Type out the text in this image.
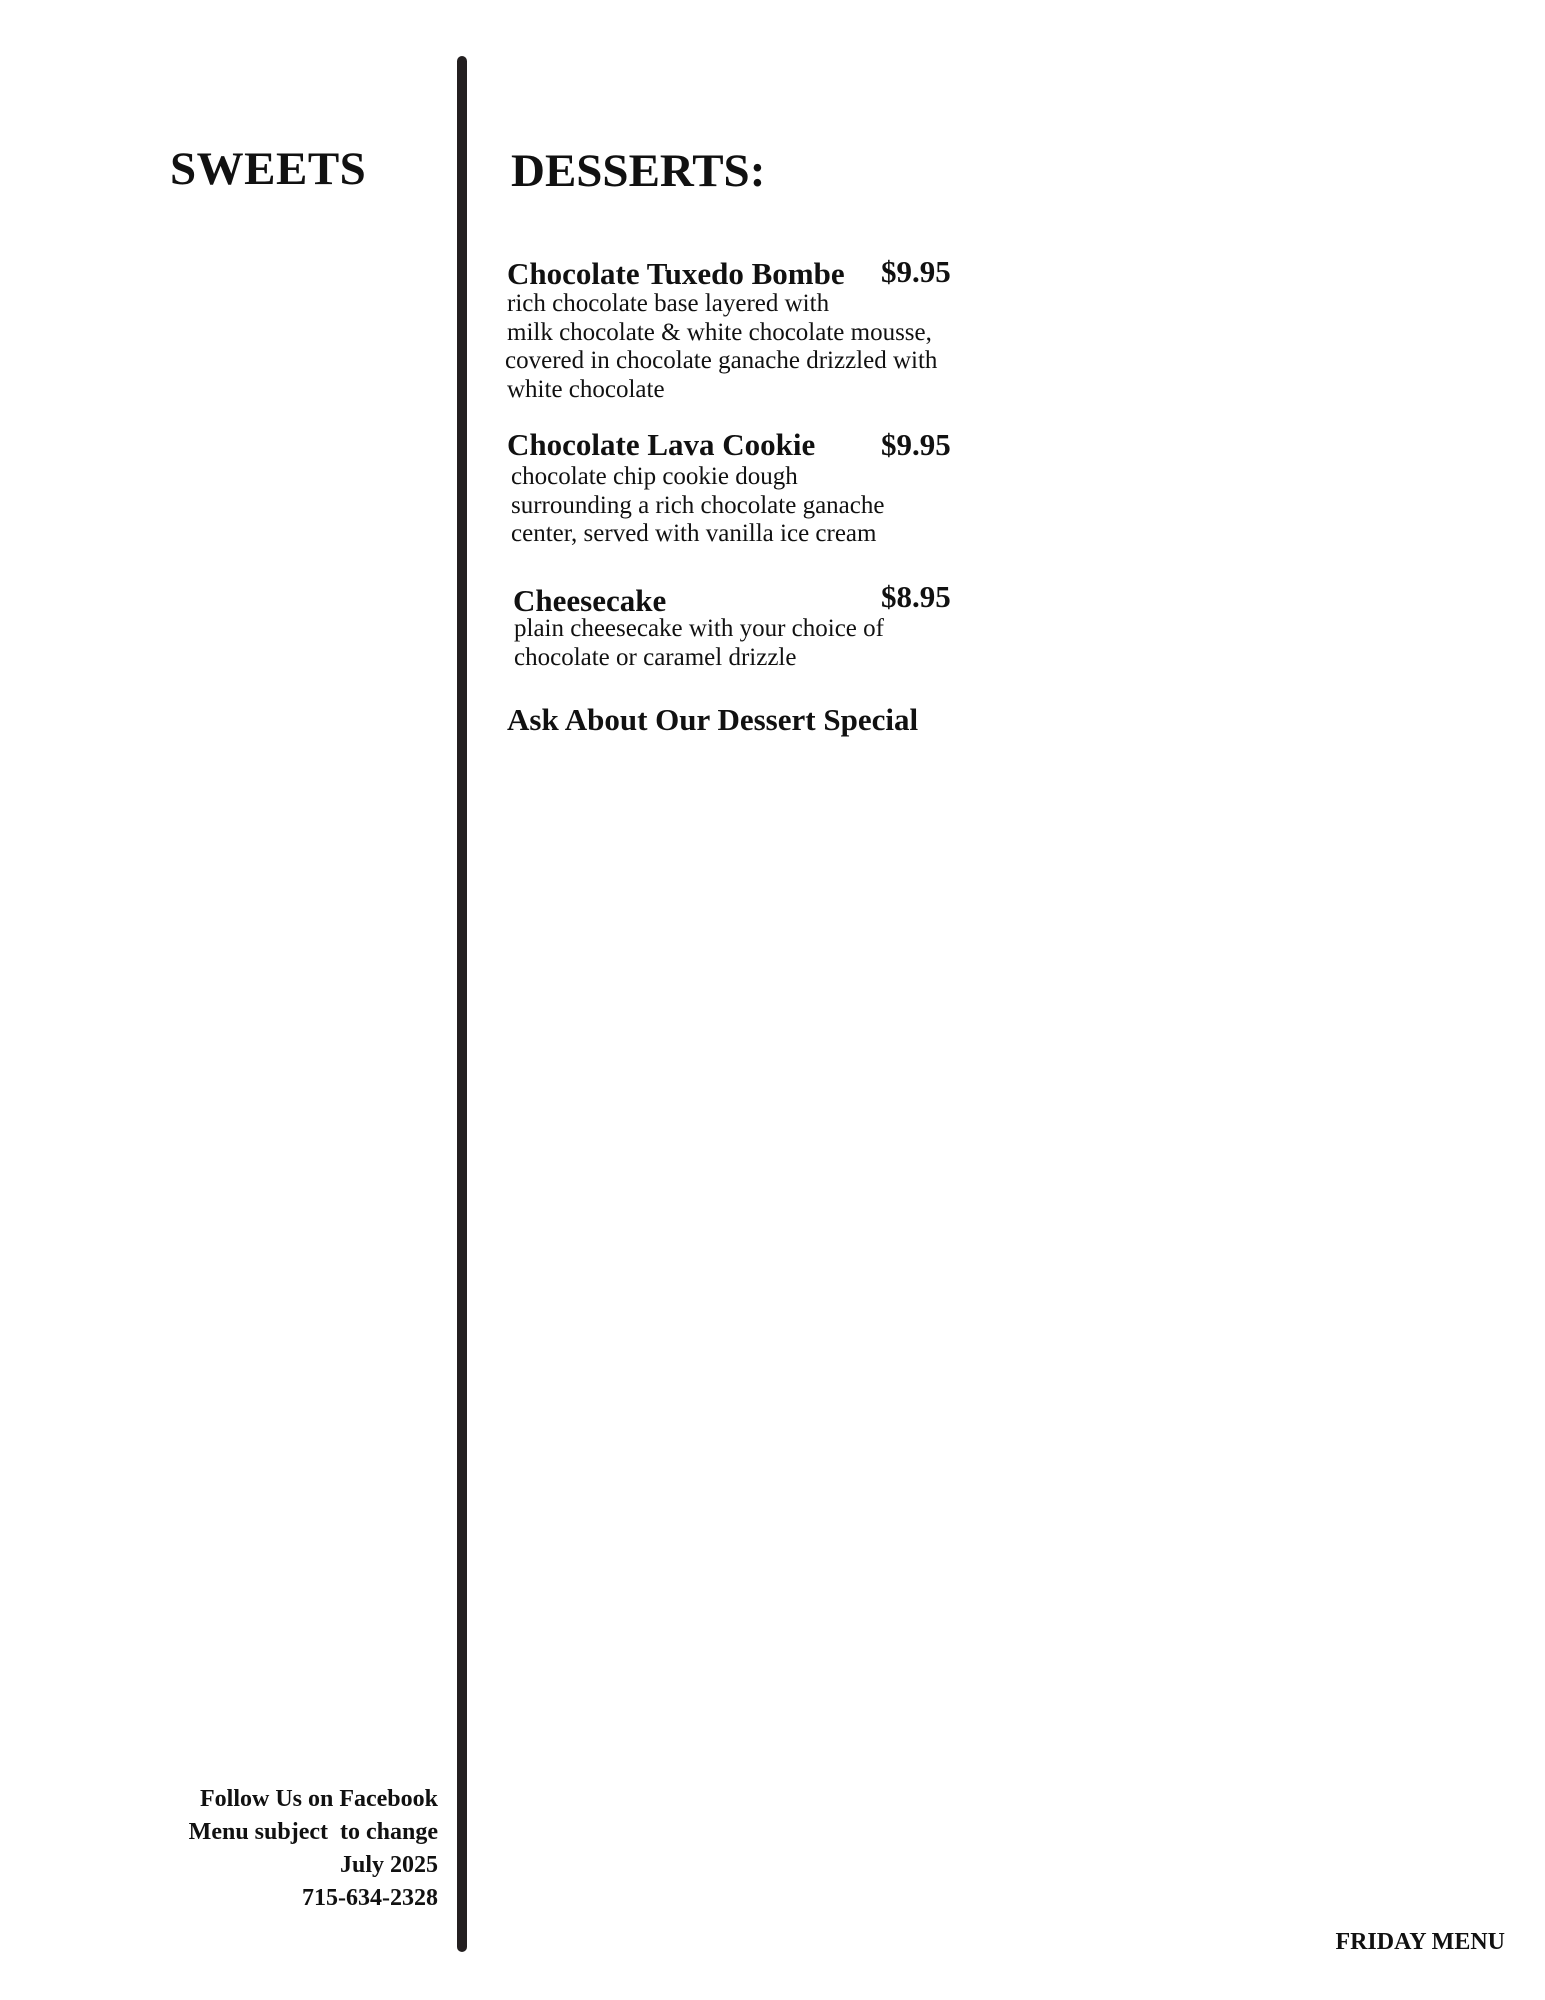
SWEETS	DESSERTS:
Chocolate Tuxedo Bombe $9.95
rich chocolate base layered with
milk chocolate & white chocolate mousse,
covered in chocolate ganache drizzled with
white chocolate
Chocolate Lava Cookie $9.95
chocolate chip cookie dough
surrounding a rich chocolate ganache
center, served with vanilla ice cream
Cheesecake	$8.95
plain cheesecake with your choice of
chocolate or caramel drizzle
Ask About Our Dessert Special
Follow Us on Facebook
Menu subject  to change
July 2025
715-634-2328
FRIDAY MENU
